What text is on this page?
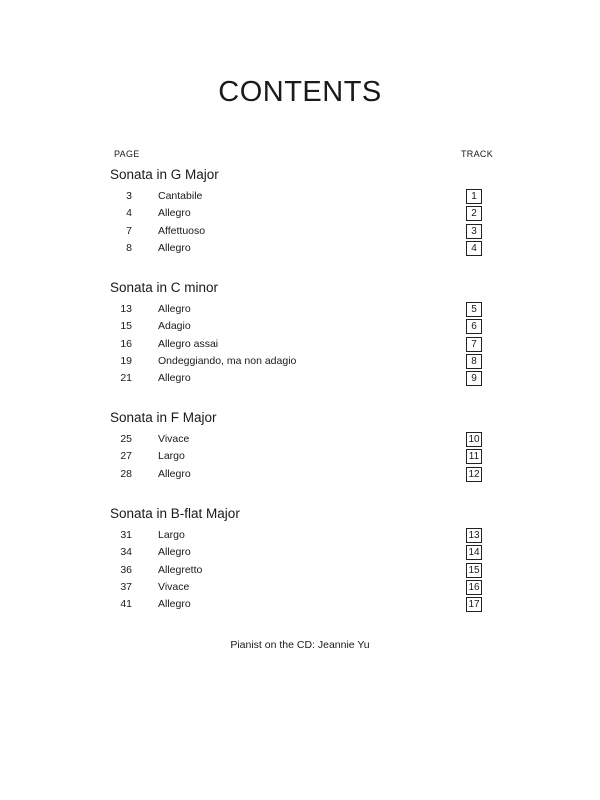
CONTENTS
PAGE	TRACK
Sonata in G Major
3 Cantabile	1
4 Allegro	2
7 Affettuoso	3
8 Allegro	4
Sonata in C minor
13 Allegro	5
15 Adagio	6
16 Allegro assai	7
19 Ondeggiando, ma non adagio	8
21 Allegro	9
Sonata in F Major
25 Vivace	10
27 Largo	11
28 Allegro	12
Sonata in B-flat Major
31 Largo	13
34 Allegro	14
36 Allegretto	15
37 Vivace	16
41 Allegro	17
Pianist on the CD: Jeannie Yu
